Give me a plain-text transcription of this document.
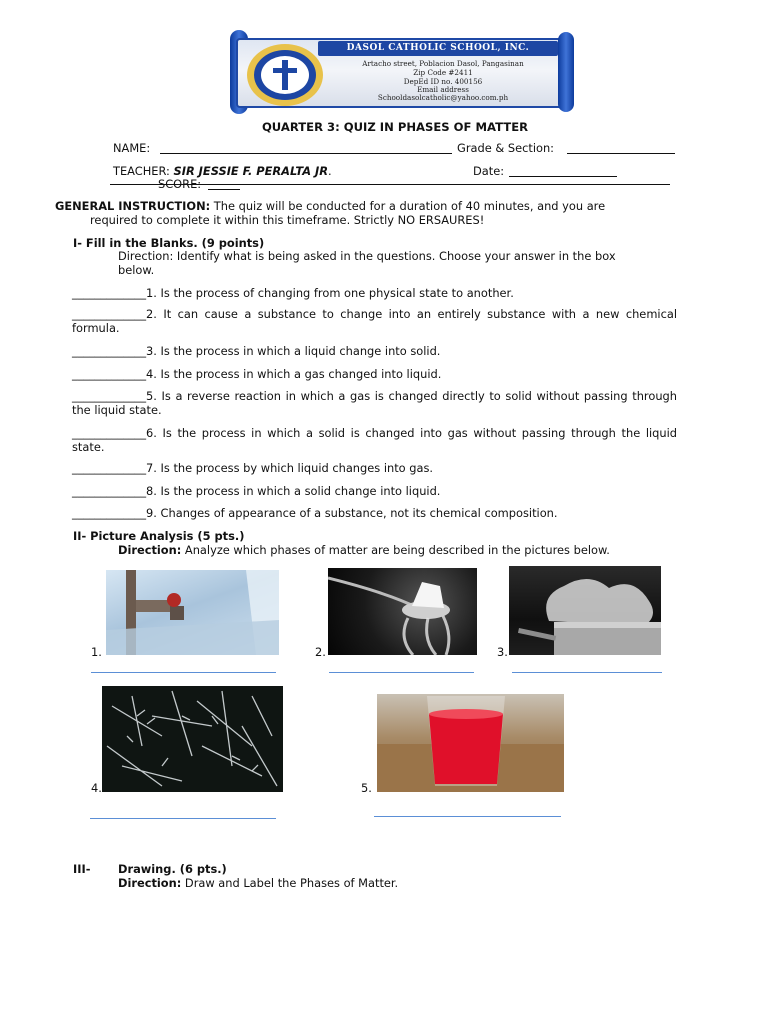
DASOL CATHOLIC SCHOOL, INC.
Artacho street, Poblacion Dasol, Pangasinan
Zip Code #2411
DepEd ID no. 400156
Email address
Schooldasolcatholic@yahoo.com.ph
QUARTER 3: QUIZ IN PHASES OF MATTER
NAME:	Grade & Section:
TEACHER: SIR JESSIE F. PERALTA JR.	Date:
SCORE:
GENERAL INSTRUCTION: The quiz will be conducted for a duration of 40 minutes, and you are
required to complete it within this timeframe. Strictly NO ERSAURES!
I- Fill in the Blanks. (9 points)
Direction: Identify what is being asked in the questions. Choose your answer in the box
below.
_____________1. Is the process of changing from one physical state to another.
_____________2. It can cause a substance to change into an entirely substance with a new chemical formula.
_____________3. Is the process in which a liquid change into solid.
_____________4. Is the process in which a gas changed into liquid.
_____________5. Is a reverse reaction in which a gas is changed directly to solid without passing through the liquid state.
_____________6. Is the process in which a solid is changed into gas without passing through the liquid state.
_____________7. Is the process by which liquid changes into gas.
_____________8. Is the process in which a solid change into liquid.
_____________9. Changes of appearance of a substance, not its chemical composition.
II- Picture Analysis (5 pts.)
Direction: Analyze which phases of matter are being described in the pictures below.
1.	2.	3.
4.	5.
III- Drawing. (6 pts.)
Direction: Draw and Label the Phases of Matter.
